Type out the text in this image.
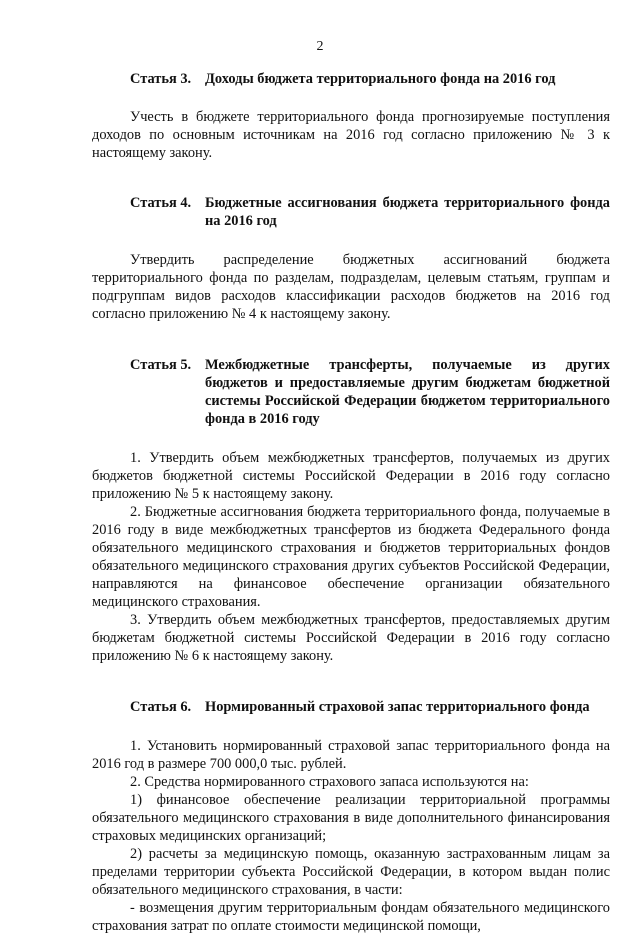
2
Статья 3. Доходы бюджета территориального фонда на 2016 год

Учесть в бюджете территориального фонда прогнозируемые поступления доходов по основным источникам на 2016 год согласно приложению № 3 к настоящему закону.

Статья 4. Бюджетные ассигнования бюджета территориального фонда на 2016 год

Утвердить распределение бюджетных ассигнований бюджета территориального фонда по разделам, подразделам, целевым статьям, группам и подгруппам видов расходов классификации расходов бюджетов на 2016 год согласно приложению № 4 к настоящему закону.

Статья 5. Межбюджетные трансферты, получаемые из других бюджетов и предоставляемые другим бюджетам бюджетной системы Российской Федерации бюджетом территориального фонда в 2016 году

1. Утвердить объем межбюджетных трансфертов, получаемых из других бюджетов бюджетной системы Российской Федерации в 2016 году согласно приложению № 5 к настоящему закону.

2. Бюджетные ассигнования бюджета территориального фонда, получаемые в 2016 году в виде межбюджетных трансфертов из бюджета Федерального фонда обязательного медицинского страхования и бюджетов территориальных фондов обязательного медицинского страхования других субъектов Российской Федерации, направляются на финансовое обеспечение организации обязательного медицинского страхования.

3. Утвердить объем межбюджетных трансфертов, предоставляемых другим бюджетам бюджетной системы Российской Федерации в 2016 году согласно приложению № 6 к настоящему закону.

Статья 6. Нормированный страховой запас территориального фонда

1. Установить нормированный страховой запас территориального фонда на 2016 год в размере 700 000,0 тыс. рублей.

2. Средства нормированного страхового запаса используются на:

1) финансовое обеспечение реализации территориальной программы обязательного медицинского страхования в виде дополнительного финансирования страховых медицинских организаций;

2) расчеты за медицинскую помощь, оказанную застрахованным лицам за пределами территории субъекта Российской Федерации, в котором выдан полис обязательного медицинского страхования, в части:

- возмещения другим территориальным фондам обязательного медицинского страхования затрат по оплате стоимости медицинской помощи,
